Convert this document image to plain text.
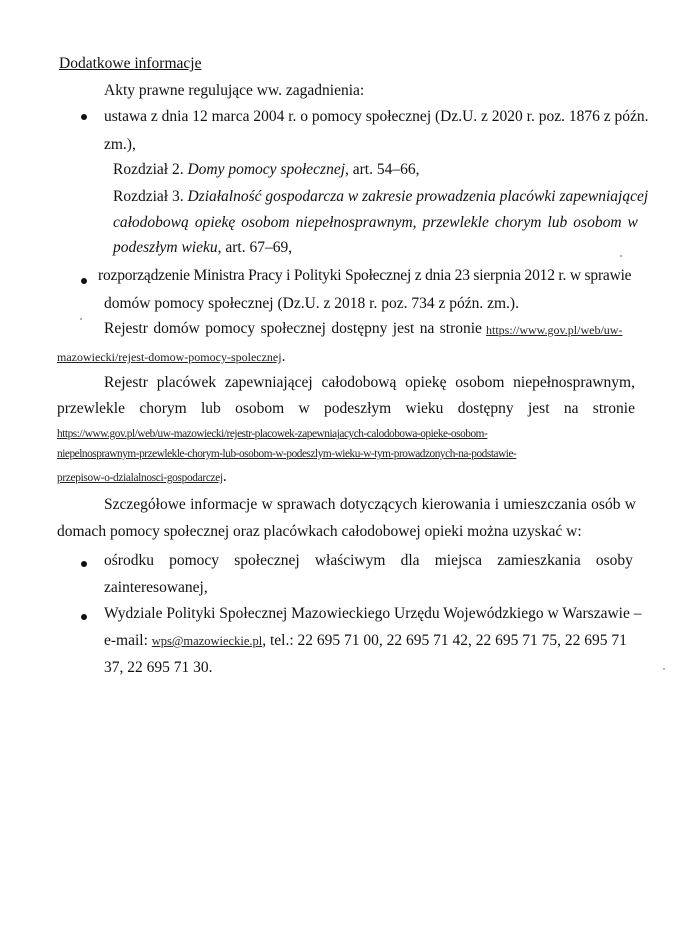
Dodatkowe informacje
Akty prawne regulujące ww. zagadnienia:
ustawa z dnia 12 marca 2004 r. o pomocy społecznej (Dz.U. z 2020 r. poz. 1876 z późn.
zm.),
Rozdział 2. Domy pomocy społecznej, art. 54–66,
Rozdział 3. Działalność gospodarcza w zakresie prowadzenia placówki zapewniającej
całodobową opiekę osobom niepełnosprawnym, przewlekle chorym lub osobom w
podeszłym wieku, art. 67–69,
rozporządzenie Ministra Pracy i Polityki Społecznej z dnia 23 sierpnia 2012 r. w sprawie
domów pomocy społecznej (Dz.U. z 2018 r. poz. 734 z późn. zm.).
Rejestr domów pomocy społecznej dostępny jest na stronie https://www.gov.pl/web/uw-
mazowiecki/rejest-domow-pomocy-spolecznej.
Rejestr placówek zapewniającej całodobową opiekę osobom niepełnosprawnym,
przewlekle chorym lub osobom w podeszłym wieku dostępny jest na stronie
https://www.gov.pl/web/uw-mazowiecki/rejestr-placowek-zapewniajacych-calodobowa-opieke-osobom-
niepelnosprawnym-przewlekle-chorym-lub-osobom-w-podeszlym-wieku-w-tym-prowadzonych-na-podstawie-
przepisow-o-dzialalnosci-gospodarczej.
Szczegółowe informacje w sprawach dotyczących kierowania i umieszczania osób w
domach pomocy społecznej oraz placówkach całodobowej opieki można uzyskać w:
ośrodku pomocy społecznej właściwym dla miejsca zamieszkania osoby
zainteresowanej,
Wydziale Polityki Społecznej Mazowieckiego Urzędu Wojewódzkiego w Warszawie –
e-mail: wps@mazowieckie.pl, tel.: 22 695 71 00, 22 695 71 42, 22 695 71 75, 22 695 71
37, 22 695 71 30.
